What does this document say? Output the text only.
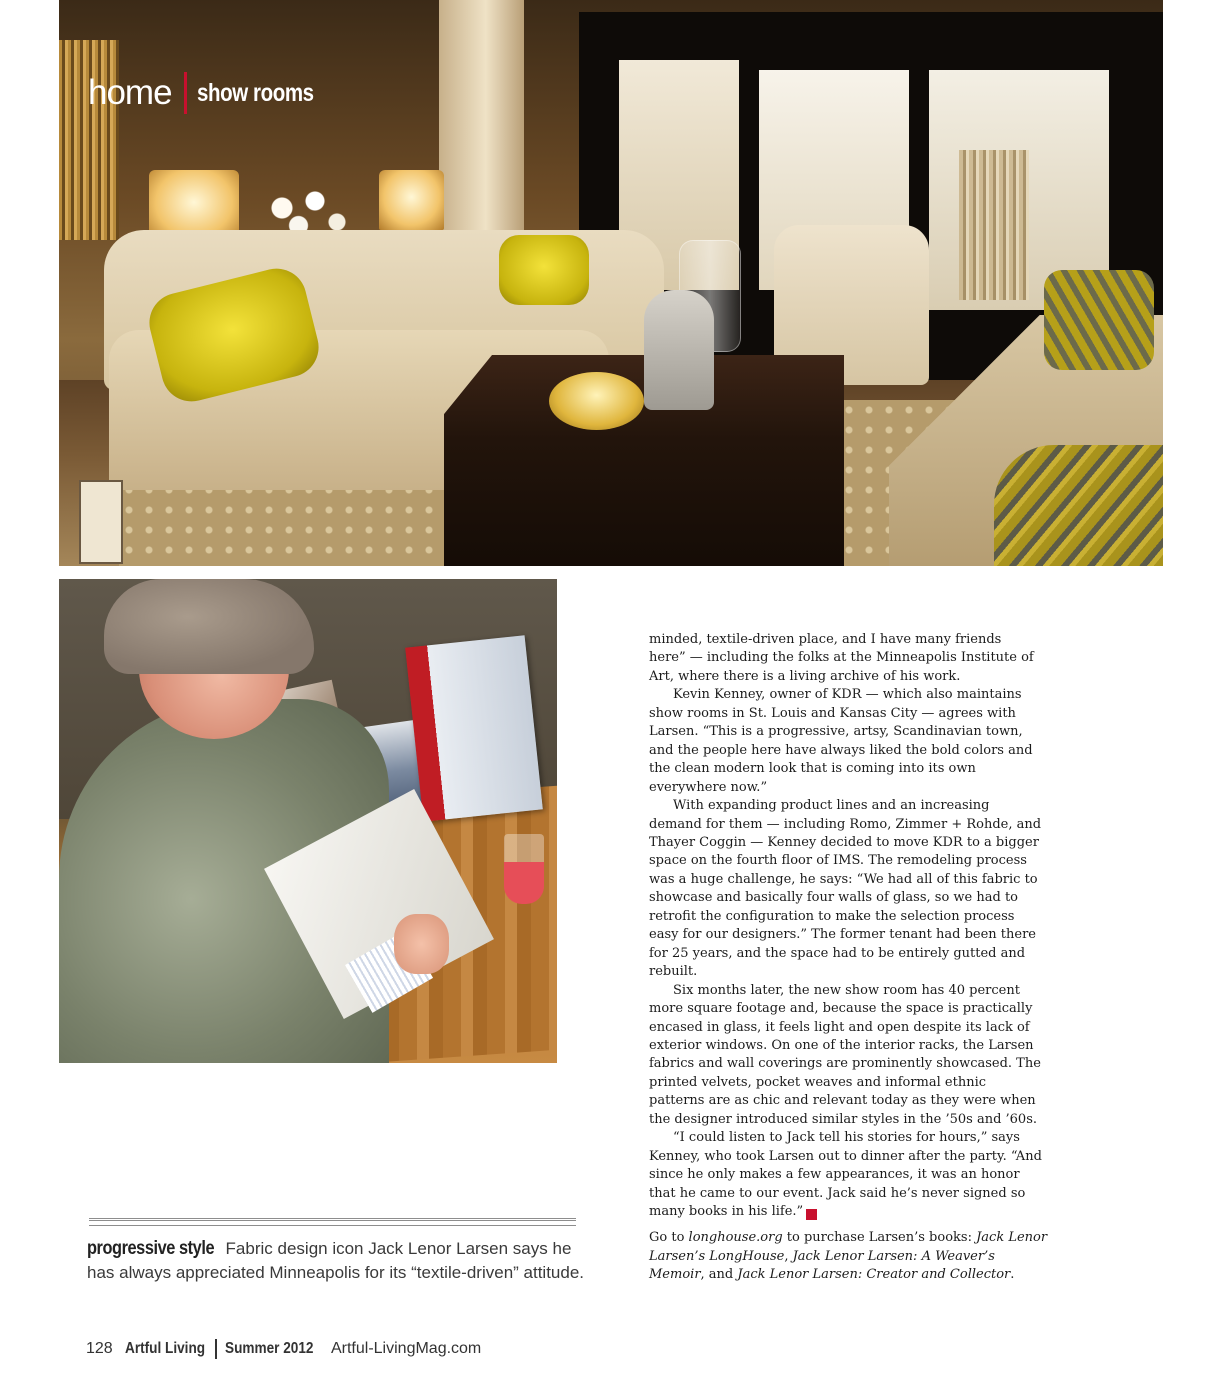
home show rooms

minded, textile-driven place, and I have many friends here” — including the folks at the Minneapolis Institute of Art, where there is a living archive of his work.

Kevin Kenney, owner of KDR — which also maintains show rooms in St. Louis and Kansas City — agrees with Larsen. “This is a progressive, artsy, Scandinavian town, and the people here have always liked the bold colors and the clean modern look that is coming into its own everywhere now.”

With expanding product lines and an increasing demand for them — including Romo, Zimmer + Rohde, and Thayer Coggin — Kenney decided to move KDR to a bigger space on the fourth floor of IMS. The remodeling process was a huge challenge, he says: “We had all of this fabric to showcase and basically four walls of glass, so we had to retrofit the configuration to make the selection process easy for our designers.” The former tenant had been there for 25 years, and the space had to be entirely gutted and rebuilt.

Six months later, the new show room has 40 percent more square footage and, because the space is practically encased in glass, it feels light and open despite its lack of exterior windows. On one of the interior racks, the Larsen fabrics and wall coverings are prominently showcased. The printed velvets, pocket weaves and informal ethnic patterns are as chic and relevant today as they were when the designer introduced similar styles in the ’50s and ’60s.

“I could listen to Jack tell his stories for hours,” says Kenney, who took Larsen out to dinner after the party. “And since he only makes a few appearances, it was an honor that he came to our event. Jack said he’s never signed so many books in his life.”	AL

progressive style Fabric design icon Jack Lenor Larsen says he has always appreciated Minneapolis for its “textile-driven” attitude.
Go to longhouse.org to purchase Larsen’s books: Jack Lenor Larsen’s LongHouse, Jack Lenor Larsen: A Weaver’s Memoir, and Jack Lenor Larsen: Creator and Collector.
128 Artful Living Summer 2012 Artful-LivingMag.com
